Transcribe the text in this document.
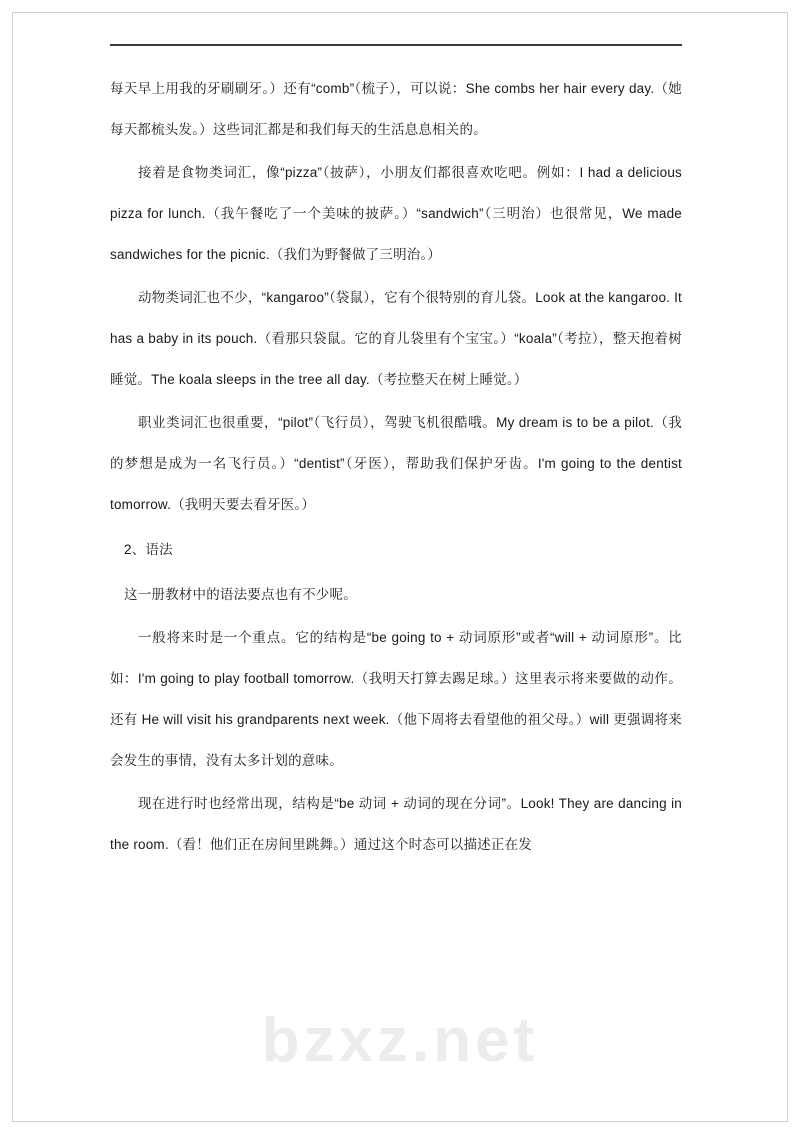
每天早上用我的牙刷刷牙。）还有“comb”（梳子），可以说：She combs her hair every day.（她每天都梳头发。）这些词汇都是和我们每天的生活息息相关的。

接着是食物类词汇，像“pizza”（披萨），小朋友们都很喜欢吃吧。例如：I had a delicious pizza for lunch.（我午餐吃了一个美味的披萨。）“sandwich”（三明治）也很常见，We made sandwiches for the picnic.（我们为野餐做了三明治。）

动物类词汇也不少，“kangaroo”（袋鼠），它有个很特别的育儿袋。Look at the kangaroo. It has a baby in its pouch.（看那只袋鼠。它的育儿袋里有个宝宝。）“koala”（考拉），整天抱着树睡觉。The koala sleeps in the tree all day.（考拉整天在树上睡觉。）

职业类词汇也很重要，“pilot”（飞行员），驾驶飞机很酷哦。My dream is to be a pilot.（我的梦想是成为一名飞行员。）“dentist”（牙医），帮助我们保护牙齿。I'm going to the dentist tomorrow.（我明天要去看牙医。）

2、语法

这一册教材中的语法要点也有不少呢。

一般将来时是一个重点。它的结构是“be going to + 动词原形”或者“will + 动词原形”。比如：I'm going to play football tomorrow.（我明天打算去踢足球。）这里表示将来要做的动作。还有 He will visit his grandparents next week.（他下周将去看望他的祖父母。）will 更强调将来会发生的事情，没有太多计划的意味。

现在进行时也经常出现，结构是“be 动词 + 动词的现在分词”。Look! They are dancing in the room.（看！他们正在房间里跳舞。）通过这个时态可以描述正在发

bzxz.net
